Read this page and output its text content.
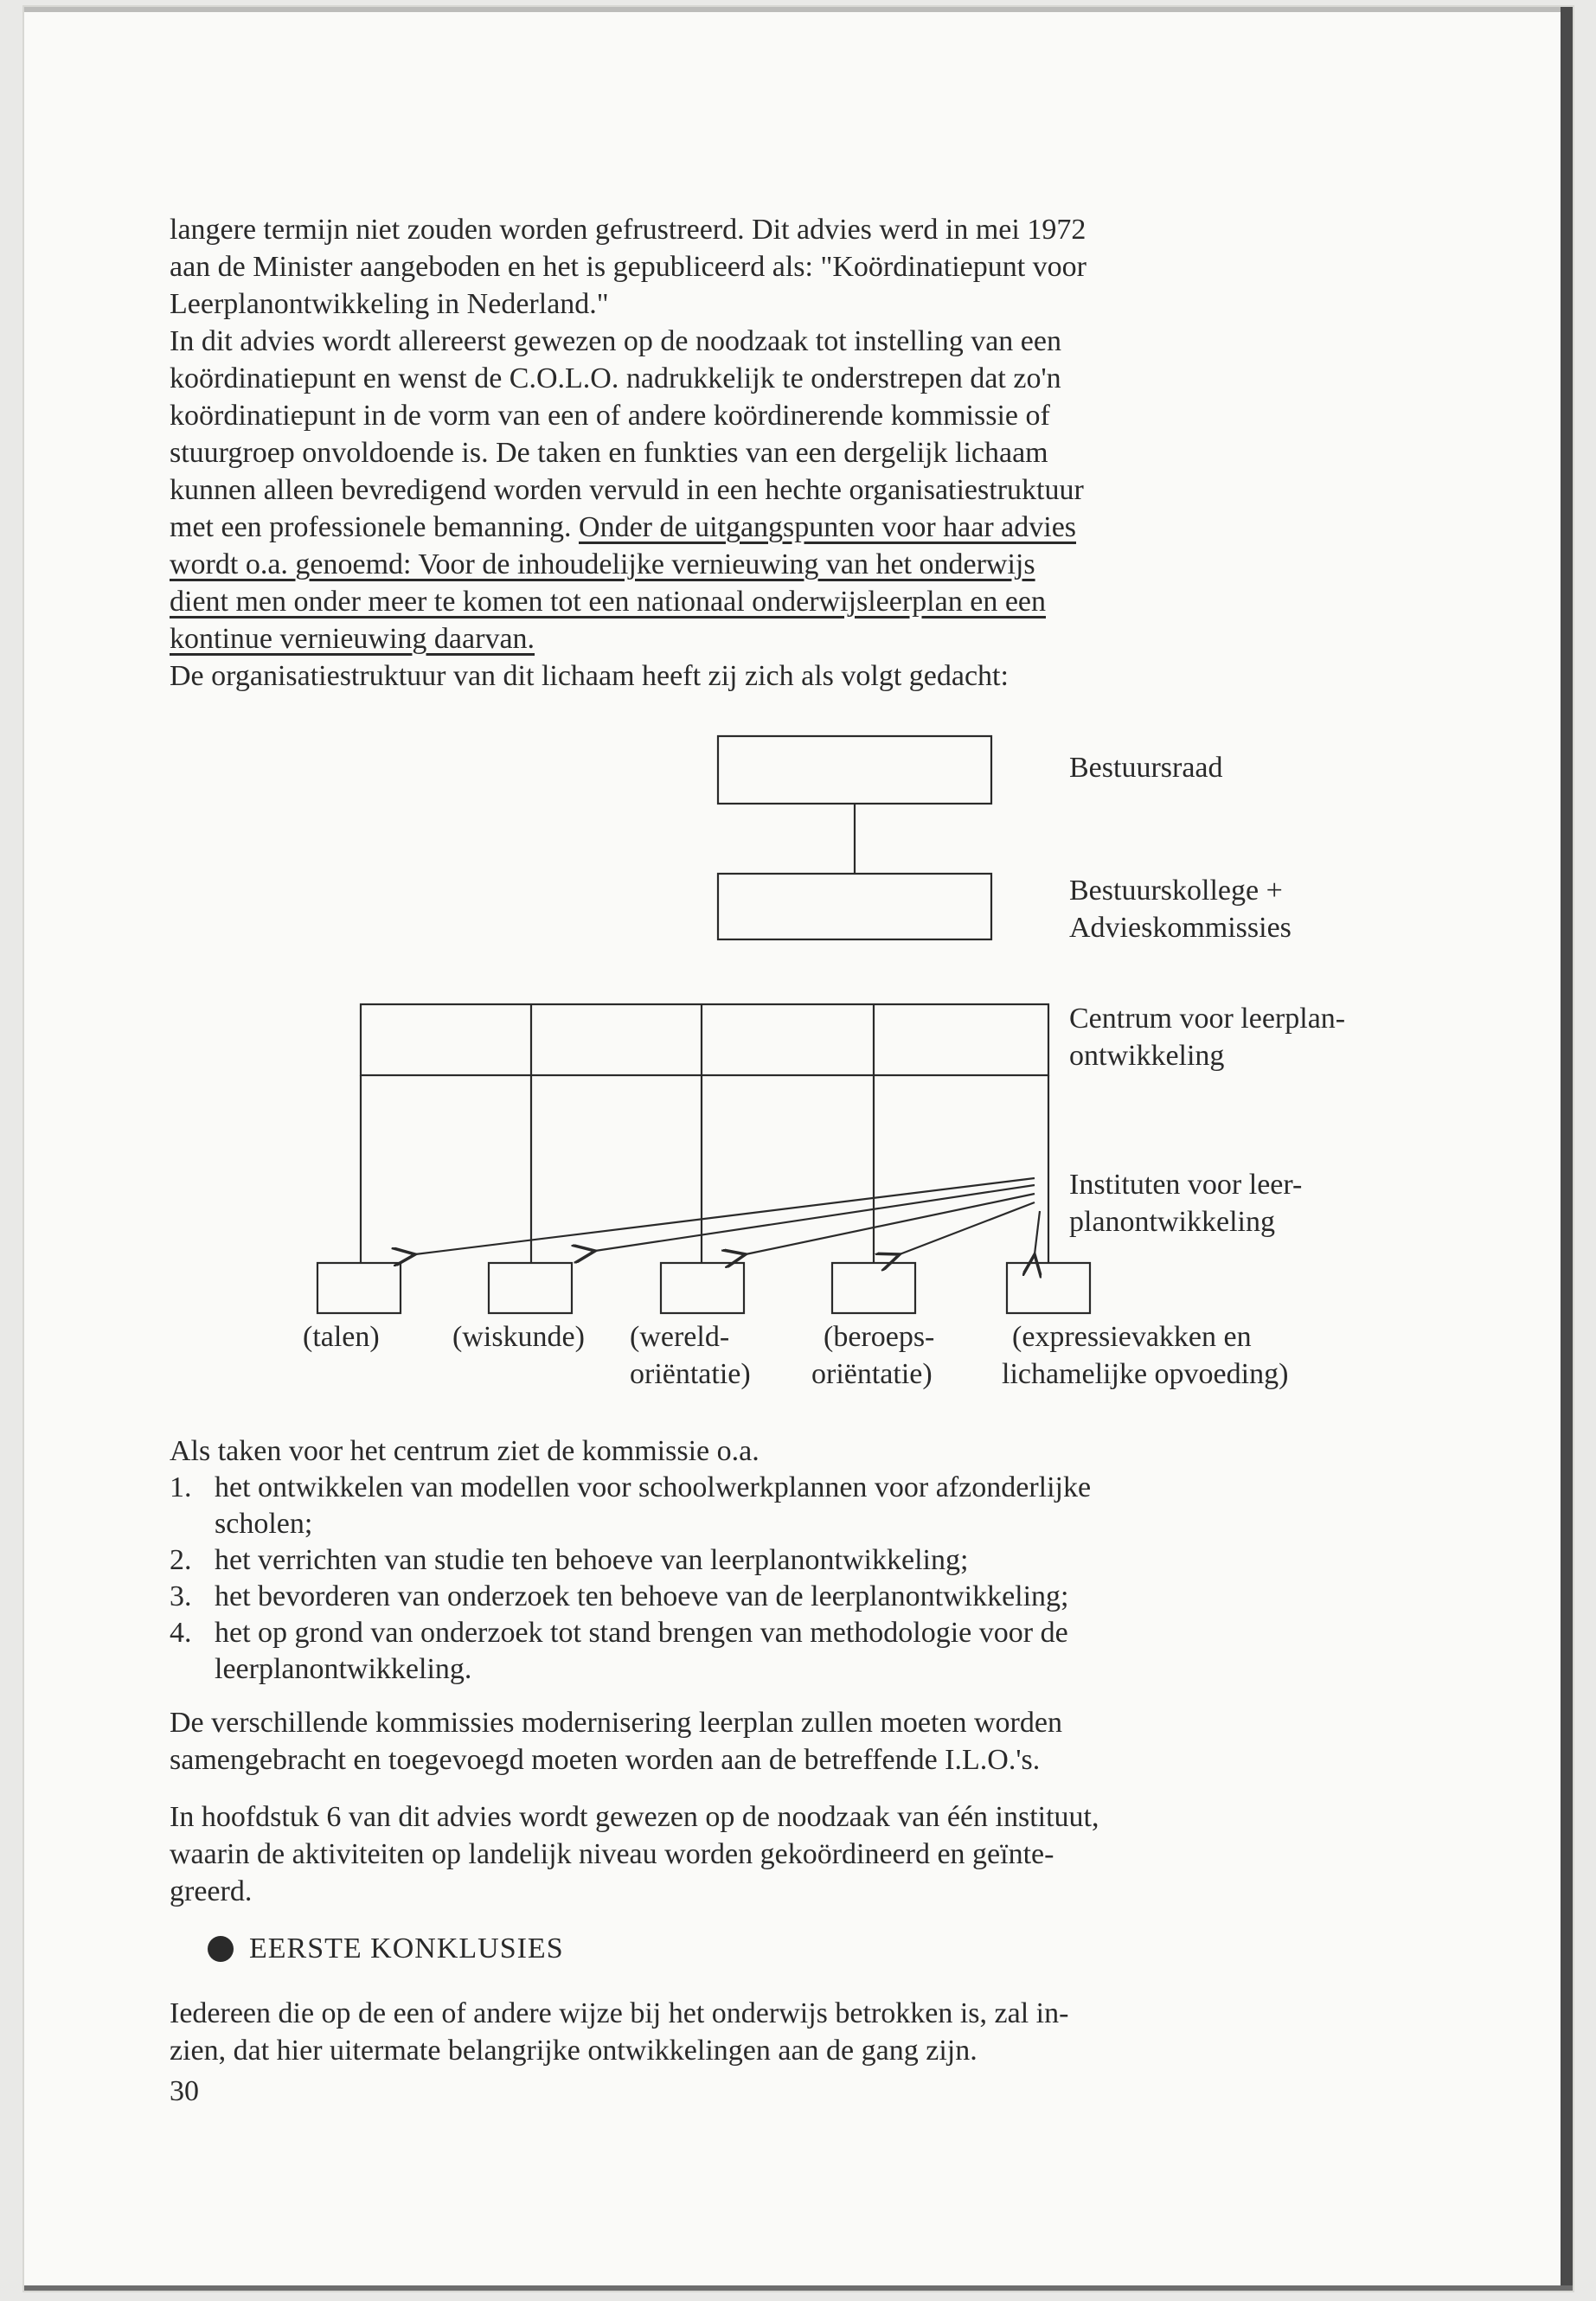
langere termijn niet zouden worden gefrustreerd. Dit advies werd in mei 1972

aan de Minister aangeboden en het is gepubliceerd als: "Koördinatiepunt voor

Leerplanontwikkeling in Nederland."

In dit advies wordt allereerst gewezen op de noodzaak tot instelling van een

koördinatiepunt en wenst de C.O.L.O. nadrukkelijk te onderstrepen dat zo'n

koördinatiepunt in de vorm van een of andere koördinerende kommissie of

stuurgroep onvoldoende is. De taken en funkties van een dergelijk lichaam

kunnen alleen bevredigend worden vervuld in een hechte organisatiestruktuur

met een professionele bemanning. Onder de uitgangspunten voor haar advies

wordt o.a. genoemd: Voor de inhoudelijke vernieuwing van het onderwijs

dient men onder meer te komen tot een nationaal onderwijsleerplan en een

kontinue vernieuwing daarvan.

De organisatiestruktuur van dit lichaam heeft zij zich als volgt gedacht:

Bestuursraad
Bestuurskollege +
Advieskommissies
Centrum voor leerplan-
ontwikkeling
Instituten voor leer-
planontwikkeling
(talen) (wiskunde) (wereld-
oriëntatie)
(beroeps-
oriëntatie)
(expressievakken en
lichamelijke opvoeding)
Als taken voor het centrum ziet de kommissie o.a.
1. het ontwikkelen van modellen voor schoolwerkplannen voor afzonderlijke
scholen;
2. het verrichten van studie ten behoeve van leerplanontwikkeling;
3. het bevorderen van onderzoek ten behoeve van de leerplanontwikkeling;
4. het op grond van onderzoek tot stand brengen van methodologie voor de
leerplanontwikkeling.

De verschillende kommissies modernisering leerplan zullen moeten worden

samengebracht en toegevoegd moeten worden aan de betreffende I.L.O.'s.

In hoofdstuk 6 van dit advies wordt gewezen op de noodzaak van één instituut,

waarin de aktiviteiten op landelijk niveau worden gekoördineerd en geïnte-

greerd.

EERSTE KONKLUSIES

Iedereen die op de een of andere wijze bij het onderwijs betrokken is, zal in-

zien, dat hier uitermate belangrijke ontwikkelingen aan de gang zijn.

30
